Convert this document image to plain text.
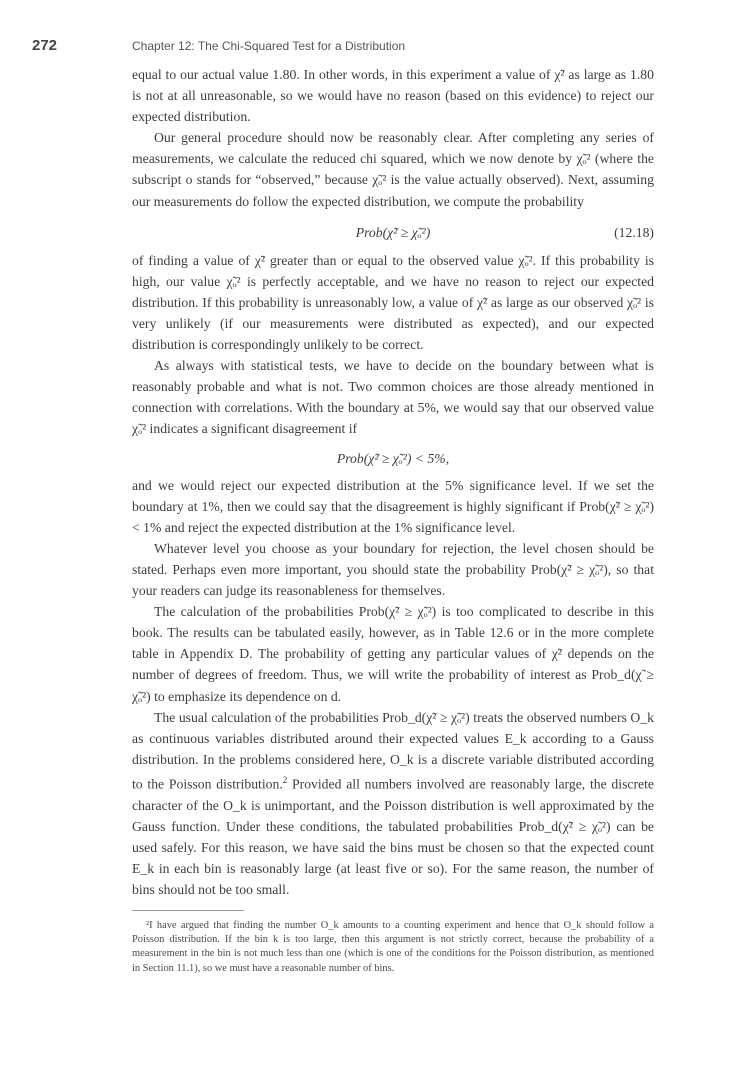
272	Chapter 12: The Chi-Squared Test for a Distribution

equal to our actual value 1.80. In other words, in this experiment a value of χ̃² as large as 1.80 is not at all unreasonable, so we would have no reason (based on this evidence) to reject our expected distribution.

Our general procedure should now be reasonably clear. After completing any series of measurements, we calculate the reduced chi squared, which we now denote by χ̃ₒ² (where the subscript o stands for “observed,” because χ̃ₒ² is the value actually observed). Next, assuming our measurements do follow the expected distribution, we compute the probability

Prob(χ̃² ≥ χ̃ₒ²)	(12.18)

of finding a value of χ̃² greater than or equal to the observed value χ̃ₒ². If this probability is high, our value χ̃ₒ² is perfectly acceptable, and we have no reason to reject our expected distribution. If this probability is unreasonably low, a value of χ̃² as large as our observed χ̃ₒ² is very unlikely (if our measurements were distributed as expected), and our expected distribution is correspondingly unlikely to be correct.

As always with statistical tests, we have to decide on the boundary between what is reasonably probable and what is not. Two common choices are those already mentioned in connection with correlations. With the boundary at 5%, we would say that our observed value χ̃ₒ² indicates a significant disagreement if

Prob(χ̃² ≥ χ̃ₒ²) < 5%,

and we would reject our expected distribution at the 5% significance level. If we set the boundary at 1%, then we could say that the disagreement is highly significant if Prob(χ̃² ≥ χ̃ₒ²) < 1% and reject the expected distribution at the 1% significance level.

Whatever level you choose as your boundary for rejection, the level chosen should be stated. Perhaps even more important, you should state the probability Prob(χ̃² ≥ χ̃ₒ²), so that your readers can judge its reasonableness for themselves.

The calculation of the probabilities Prob(χ̃² ≥ χ̃ₒ²) is too complicated to describe in this book. The results can be tabulated easily, however, as in Table 12.6 or in the more complete table in Appendix D. The probability of getting any particular values of χ̃² depends on the number of degrees of freedom. Thus, we will write the probability of interest as Prob_d(χ̃ ≥ χ̃ₒ²) to emphasize its dependence on d.

The usual calculation of the probabilities Prob_d(χ̃² ≥ χ̃ₒ²) treats the observed numbers O_k as continuous variables distributed around their expected values E_k according to a Gauss distribution. In the problems considered here, O_k is a discrete variable distributed according to the Poisson distribution.$^2$ Provided all numbers involved are reasonably large, the discrete character of the O_k is unimportant, and the Poisson distribution is well approximated by the Gauss function. Under these conditions, the tabulated probabilities Prob_d(χ̃² ≥ χ̃ₒ²) can be used safely. For this reason, we have said the bins must be chosen so that the expected count E_k in each bin is reasonably large (at least five or so). For the same reason, the number of bins should not be too small.

²I have argued that finding the number O_k amounts to a counting experiment and hence that O_k should follow a Poisson distribution. If the bin k is too large, then this argument is not strictly correct, because the probability of a measurement in the bin is not much less than one (which is one of the conditions for the Poisson distribution, as mentioned in Section 11.1), so we must have a reasonable number of bins.
